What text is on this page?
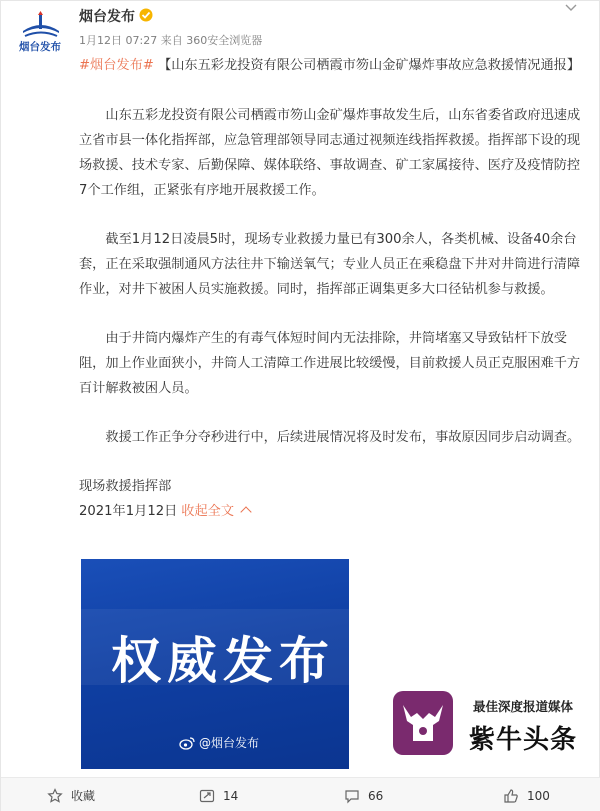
烟台发布
烟台发布
1月12日 07:27 来自 360安全浏览器

#烟台发布# 【山东五彩龙投资有限公司栖霞市笏山金矿爆炸事故应急救援情况通报】

山东五彩龙投资有限公司栖霞市笏山金矿爆炸事故发生后，山东省委省政府迅速成立省市县一体化指挥部，应急管理部领导同志通过视频连线指挥救援。指挥部下设的现场救援、技术专家、后勤保障、媒体联络、事故调查、矿工家属接待、医疗及疫情防控7个工作组，正紧张有序地开展救援工作。

截至1月12日凌晨5时，现场专业救援力量已有300余人，各类机械、设备40余台套，正在采取强制通风方法往井下输送氧气；专业人员正在乘稳盘下井对井筒进行清障作业，对井下被困人员实施救援。同时，指挥部正调集更多大口径钻机参与救援。

由于井筒内爆炸产生的有毒气体短时间内无法排除，井筒堵塞又导致钻杆下放受阻，加上作业面狭小，井筒人工清障工作进展比较缓慢，目前救援人员正克服困难千方百计解救被困人员。

救援工作正争分夺秒进行中，后续进展情况将及时发布，事故原因同步启动调查。

现场救援指挥部

2021年1月12日 收起全文

权威发布
@烟台发布
最佳深度报道媒体
紫牛头条
收藏	14	66	100
